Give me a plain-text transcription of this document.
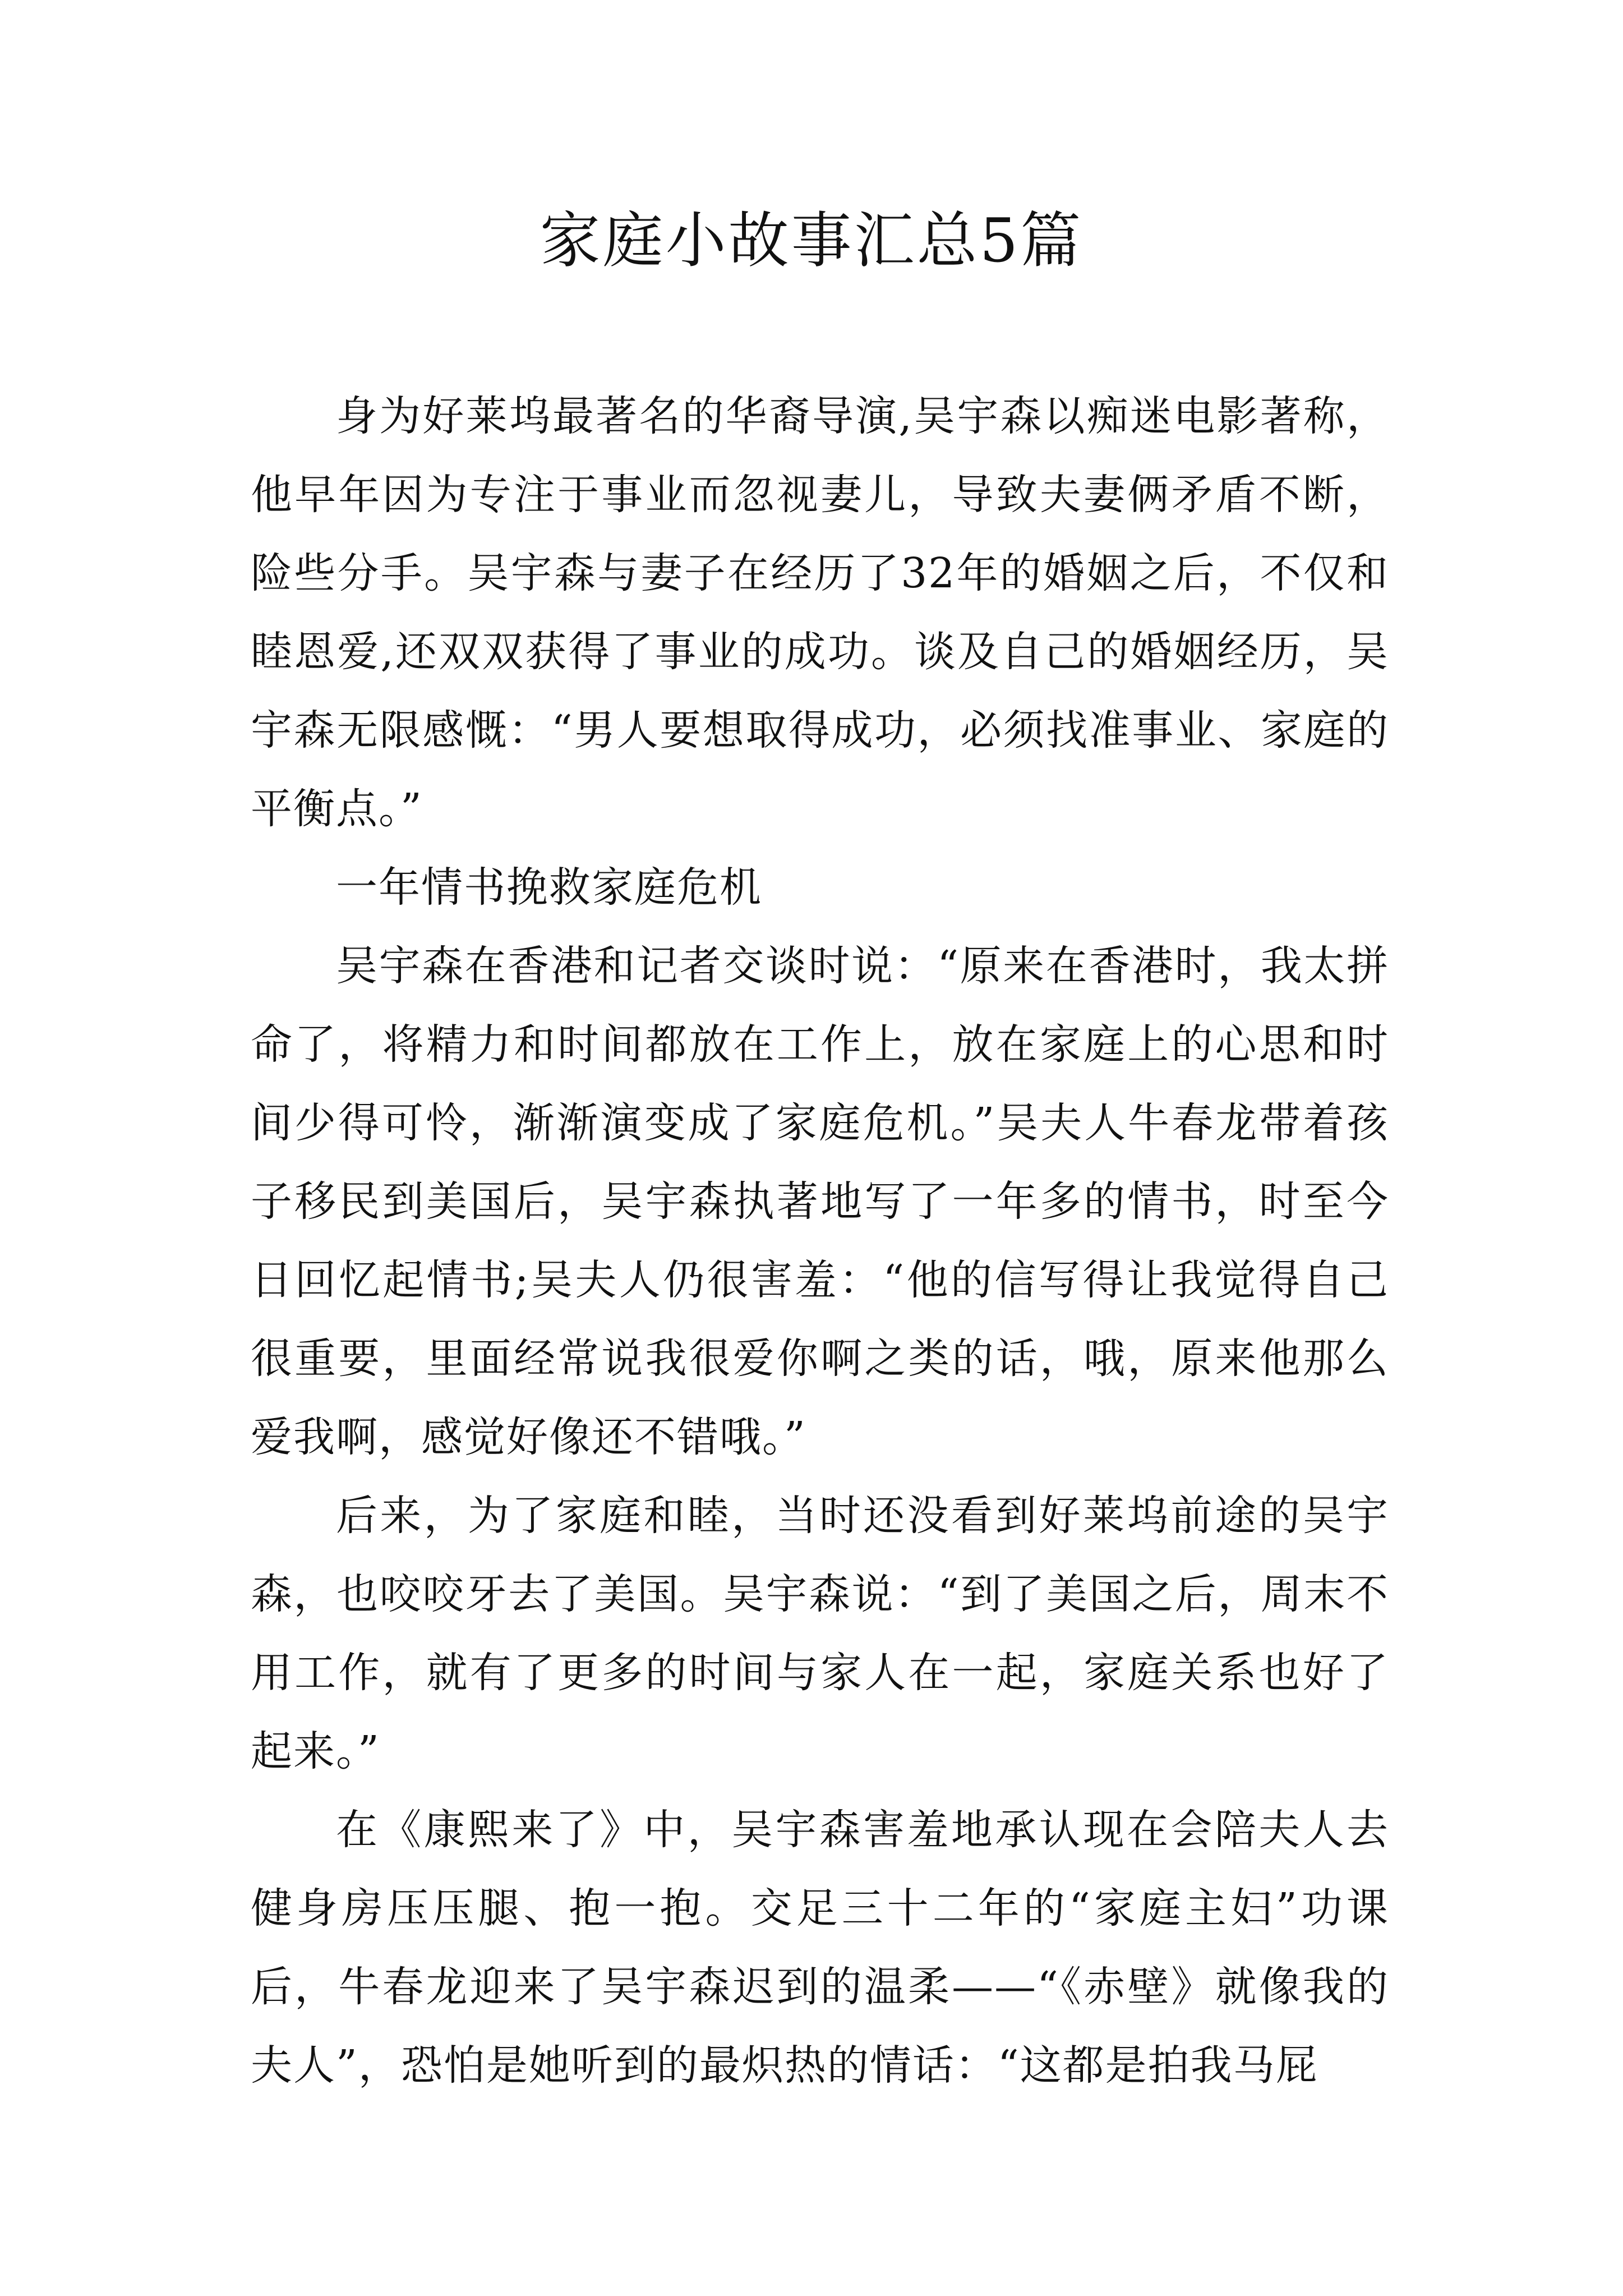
家庭小故事汇总5篇

身为好莱坞最著名的华裔导演,吴宇森以痴迷电影著称，他早年因为专注于事业而忽视妻儿，导致夫妻俩矛盾不断，险些分手。吴宇森与妻子在经历了32年的婚姻之后，不仅和睦恩爱,还双双获得了事业的成功。谈及自己的婚姻经历，吴宇森无限感慨：“男人要想取得成功，必须找准事业、家庭的平衡点。”

一年情书挽救家庭危机

吴宇森在香港和记者交谈时说：“原来在香港时，我太拼命了，将精力和时间都放在工作上，放在家庭上的心思和时间少得可怜，渐渐演变成了家庭危机。”吴夫人牛春龙带着孩子移民到美国后，吴宇森执著地写了一年多的情书，时至今日回忆起情书;吴夫人仍很害羞：“他的信写得让我觉得自己很重要，里面经常说我很爱你啊之类的话，哦，原来他那么爱我啊，感觉好像还不错哦。”

后来，为了家庭和睦，当时还没看到好莱坞前途的吴宇森，也咬咬牙去了美国。吴宇森说：“到了美国之后，周末不用工作，就有了更多的时间与家人在一起，家庭关系也好了起来。”

在《康熙来了》中，吴宇森害羞地承认现在会陪夫人去健身房压压腿、抱一抱。交足三十二年的“家庭主妇”功课后，牛春龙迎来了吴宇森迟到的温柔——“《赤壁》就像我的夫人”，恐怕是她听到的最炽热的情话：“这都是拍我马屁
